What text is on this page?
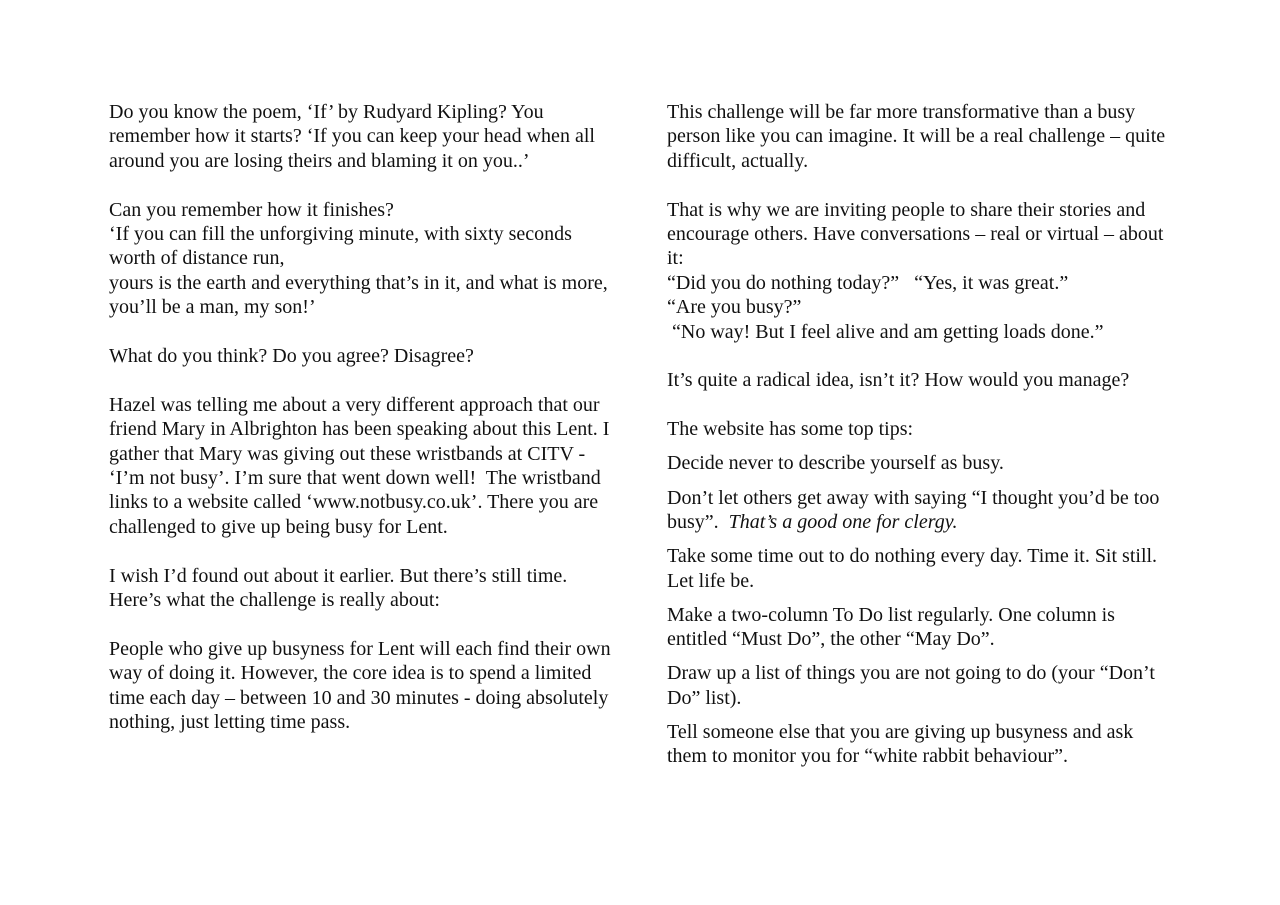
Do you know the poem, ‘If’ by Rudyard Kipling? You remember how it starts? ‘If you can keep your head when all around you are losing theirs and blaming it on you..’

Can you remember how it finishes?

‘If you can fill the unforgiving minute, with sixty seconds worth of distance run,

yours is the earth and everything that’s in it, and what is more, you’ll be a man, my son!’

What do you think? Do you agree? Disagree?

Hazel was telling me about a very different approach that our friend Mary in Albrighton has been speaking about this Lent. I gather that Mary was giving out these wristbands at CITV - ‘I’m not busy’. I’m sure that went down well!  The wristband links to a website called ‘www.notbusy.co.uk’. There you are challenged to give up being busy for Lent.

I wish I’d found out about it earlier. But there’s still time. Here’s what the challenge is really about:

People who give up busyness for Lent will each find their own way of doing it. However, the core idea is to spend a limited time each day – between 10 and 30 minutes - doing absolutely nothing, just letting time pass.

This challenge will be far more transformative than a busy person like you can imagine. It will be a real challenge – quite difficult, actually.

That is why we are inviting people to share their stories and encourage others. Have conversations – real or virtual – about it:

“Did you do nothing today?”   “Yes, it was great.”

“Are you busy?”

“No way! But I feel alive and am getting loads done.”

It’s quite a radical idea, isn’t it? How would you manage?

The website has some top tips:

Decide never to describe yourself as busy.

Don’t let others get away with saying “I thought you’d be too busy”.  That’s a good one for clergy.

Take some time out to do nothing every day. Time it. Sit still. Let life be.

Make a two-column To Do list regularly. One column is entitled “Must Do”, the other “May Do”.

Draw up a list of things you are not going to do (your “Don’t Do” list).

Tell someone else that you are giving up busyness and ask them to monitor you for “white rabbit behaviour”.
